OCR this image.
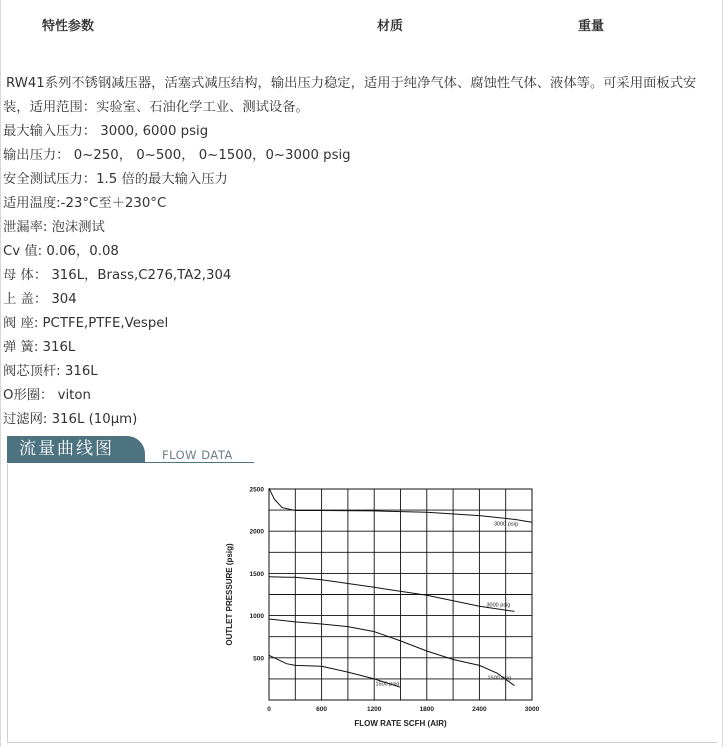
特性参数	材质	重量
RW41系列不锈钢减压器，活塞式减压结构，输出压力稳定，适用于纯净气体、腐蚀性气体、液体等。可采用面板式安装，适用范围：实验室、石油化学工业、测试设备。
最大输入压力： 3000, 6000 psig
输出压力： 0~250， 0~500， 0~1500，0~3000 psig
安全测试压力：1.5 倍的最大输入压力
适用温度:-23°C至＋230°C
泄漏率: 泡沫测试
Cv 值: 0.06，0.08
母 体： 316L，Brass,C276,TA2,304
上 盖： 304
阀 座: PCTFE,PTFE,Vespel
弹 簧: 316L
阀芯顶杆: 316L
O形圈： viton
过滤网: 316L (10μm)
流量曲线图	FLOW DATA
3000 psig
3000 psig
1500 psig
1500 psig
0	600	1200	1800	2400	3000
500
1000
1500
2000
2500
FLOW RATE SCFH (AIR)
OUTLET PRESSURE (psig)
